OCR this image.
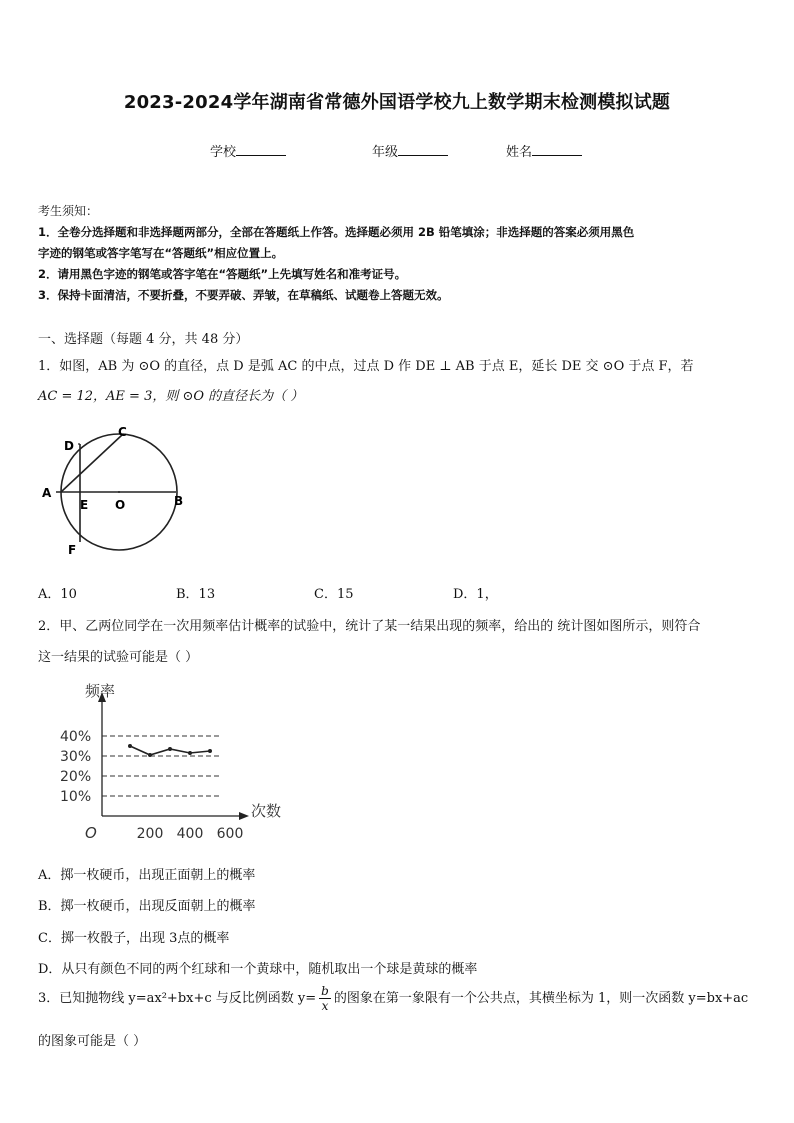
2023-2024学年湖南省常德外国语学校九上数学期末检测模拟试题
学校	年级	姓名
考生须知：
1．全卷分选择题和非选择题两部分，全部在答题纸上作答。选择题必须用 2B 铅笔填涂；非选择题的答案必须用黑色
字迹的钢笔或答字笔写在“答题纸”相应位置上。
2．请用黑色字迹的钢笔或答字笔在“答题纸”上先填写姓名和准考证号。
3．保持卡面清洁，不要折叠，不要弄破、弄皱，在草稿纸、试题卷上答题无效。
一、选择题（每题 4 分，共 48 分）
1．如图，AB 为 ⊙O 的直径，点 D 是弧 AC 的中点，过点 D 作 DE ⊥ AB 于点 E，延长 DE 交 ⊙O 于点 F，若
AC = 12，AE = 3，则 ⊙O 的直径长为（ ）
A
B
C
D
E O
F
A．10	B．13	C．15	D．1，
2．甲、乙两位同学在一次用频率估计概率的试验中，统计了某一结果出现的频率，给出的 统计图如图所示，则符合
这一结果的试验可能是（ ）
频率
次数
O
40%
30%
20%
10%
200 400 600
A．掷一枚硬币，出现正面朝上的概率
B．掷一枚硬币，出现反面朝上的概率
C．掷一枚骰子，出现 3点的概率
D．从只有颜色不同的两个红球和一个黄球中，随机取出一个球是黄球的概率
3．已知抛物线 y=ax²+bx+c 与反比例函数 $y= \frac{b}{x}$ 的图象在第一象限有一个公共点，其横坐标为 1，则一次函数 y=bx+ac
的图象可能是（ ）
